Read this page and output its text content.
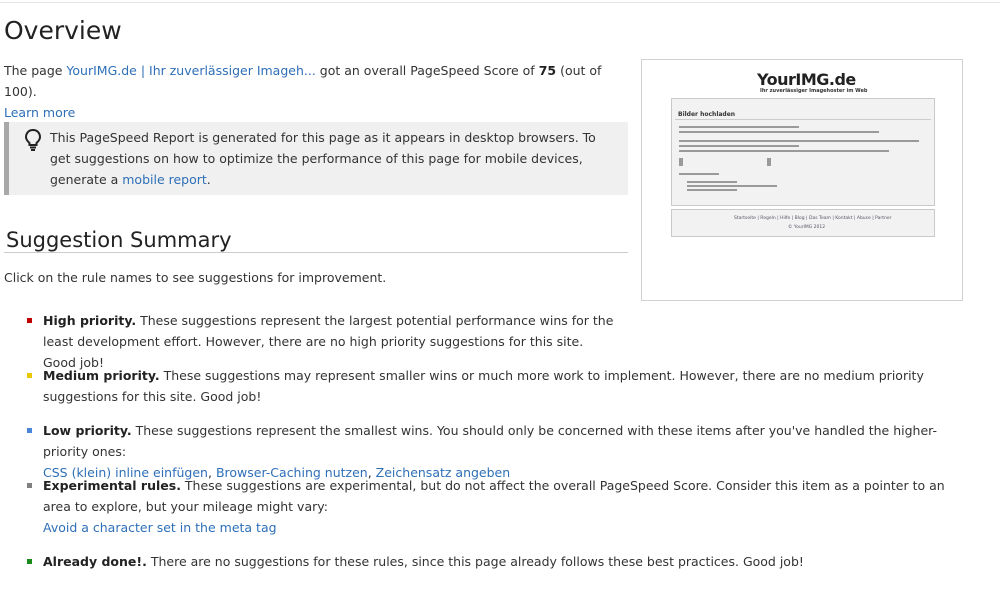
Overview
The page YourIMG.de | Ihr zuverlässiger Imageh... got an overall PageSpeed Score of 75 (out of 100).
Learn more
This PageSpeed Report is generated for this page as it appears in desktop browsers. To get suggestions on how to optimize the performance of this page for mobile devices, generate a mobile report.
Suggestion Summary
Click on the rule names to see suggestions for improvement.
High priority. These suggestions represent the largest potential performance wins for the least development effort. However, there are no high priority suggestions for this site. Good job!
Medium priority. These suggestions may represent smaller wins or much more work to implement. However, there are no medium priority suggestions for this site. Good job!
Low priority. These suggestions represent the smallest wins. You should only be concerned with these items after you've handled the higher-priority ones:
CSS (klein) inline einfügen, Browser-Caching nutzen, Zeichensatz angeben
Experimental rules. These suggestions are experimental, but do not affect the overall PageSpeed Score. Consider this item as a pointer to an area to explore, but your mileage might vary:
Avoid a character set in the meta tag
Already done!. There are no suggestions for these rules, since this page already follows these best practices. Good job!
YourIMG.de
Ihr zuverlässiger Imagehoster im Web
Bilder hochladen
Startseite | Regeln | Hilfe | Blog | Das Team | Kontakt | Abuse | Partner
© YourIMG 2012
